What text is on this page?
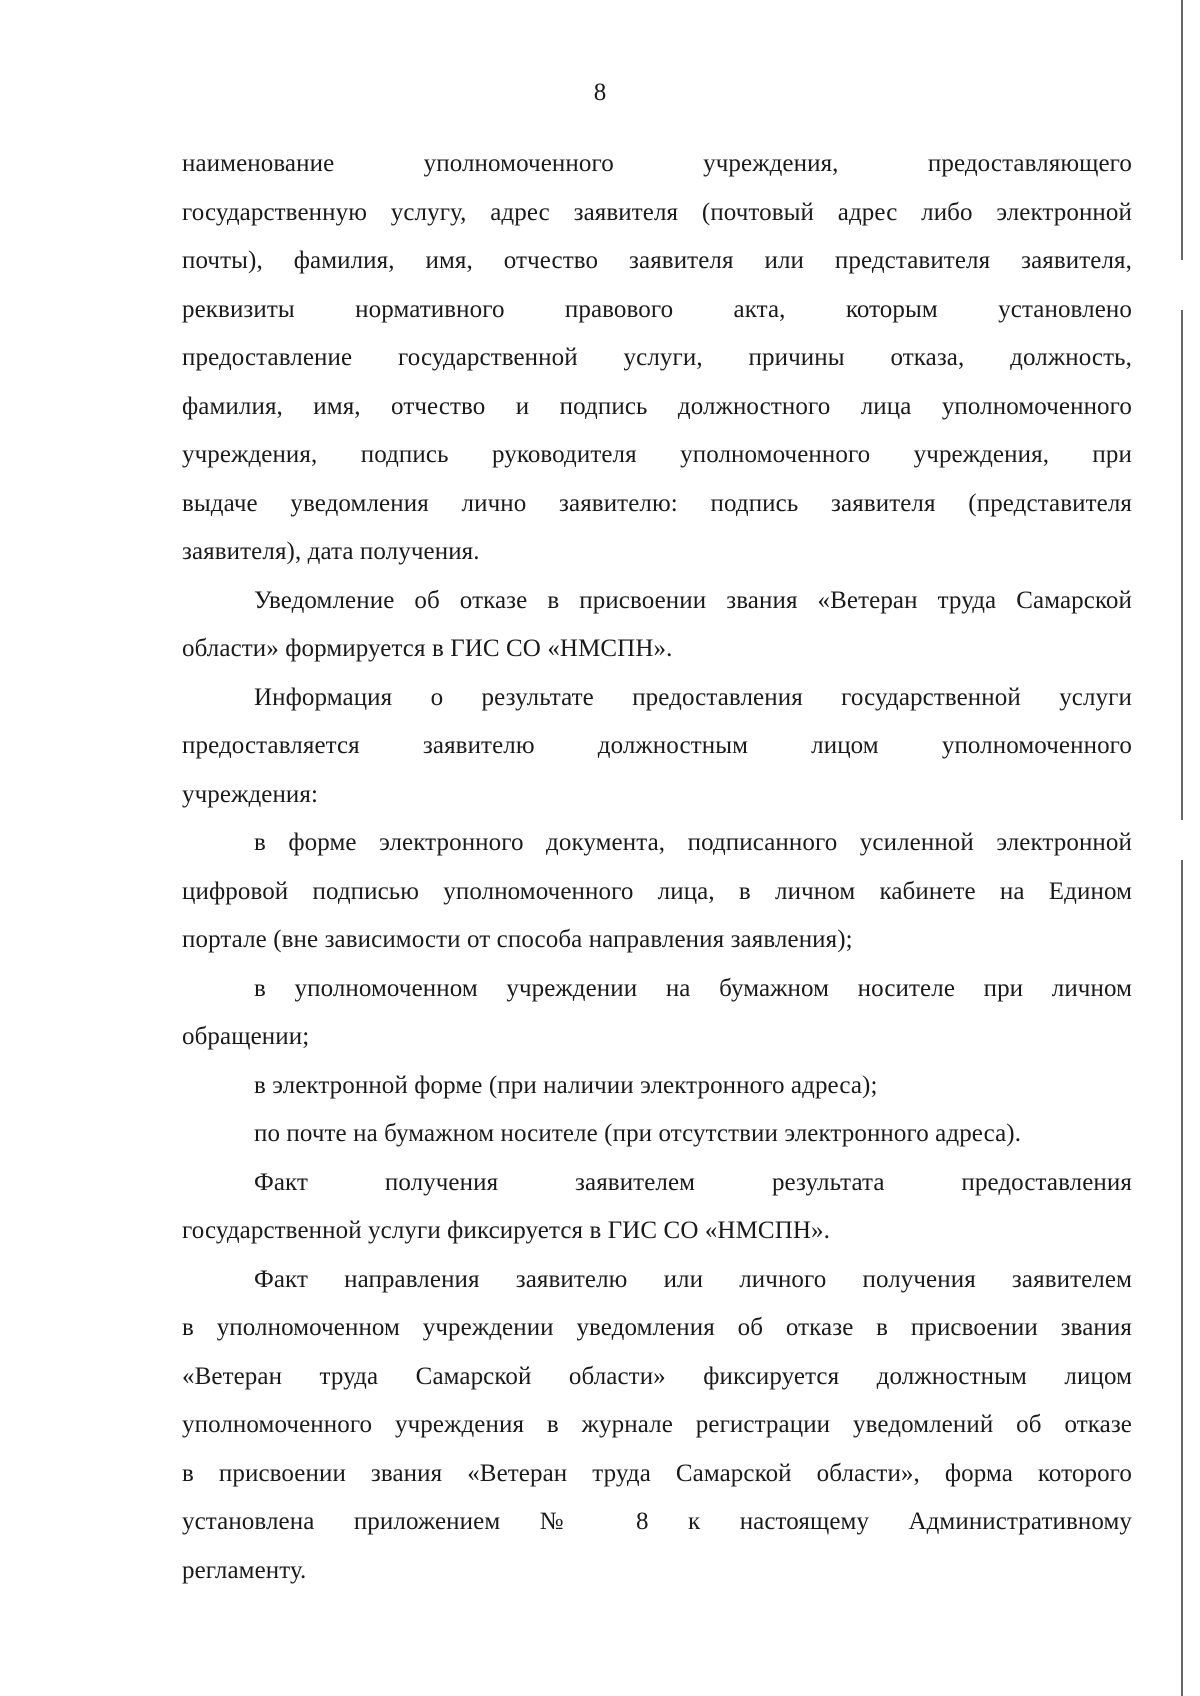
8

наименование уполномоченного учреждения, предоставляющего
государственную услугу, адрес заявителя (почтовый адрес либо электронной
почты), фамилия, имя, отчество заявителя или представителя заявителя,
реквизиты нормативного правового акта, которым установлено
предоставление государственной услуги, причины отказа, должность,
фамилия, имя, отчество и подпись должностного лица уполномоченного
учреждения, подпись руководителя уполномоченного учреждения, при
выдаче уведомления лично заявителю: подпись заявителя (представителя
заявителя), дата получения.

Уведомление об отказе в присвоении звания «Ветеран труда Самарской
области» формируется в ГИС СО «НМСПН».

Информация о результате предоставления государственной услуги
предоставляется заявителю должностным лицом уполномоченного
учреждения:

в форме электронного документа, подписанного усиленной электронной
цифровой подписью уполномоченного лица, в личном кабинете на Едином
портале (вне зависимости от способа направления заявления);

в уполномоченном учреждении на бумажном носителе при личном
обращении;

в электронной форме (при наличии электронного адреса);

по почте на бумажном носителе (при отсутствии электронного адреса).

Факт получения заявителем результата предоставления
государственной услуги фиксируется в ГИС СО «НМСПН».

Факт направления заявителю или личного получения заявителем
в уполномоченном учреждении уведомления об отказе в присвоении звания
«Ветеран труда Самарской области» фиксируется должностным лицом
уполномоченного учреждения в журнале регистрации уведомлений об отказе
в присвоении звания «Ветеран труда Самарской области», форма которого
установлена приложением № 8 к настоящему Административному
регламенту.
